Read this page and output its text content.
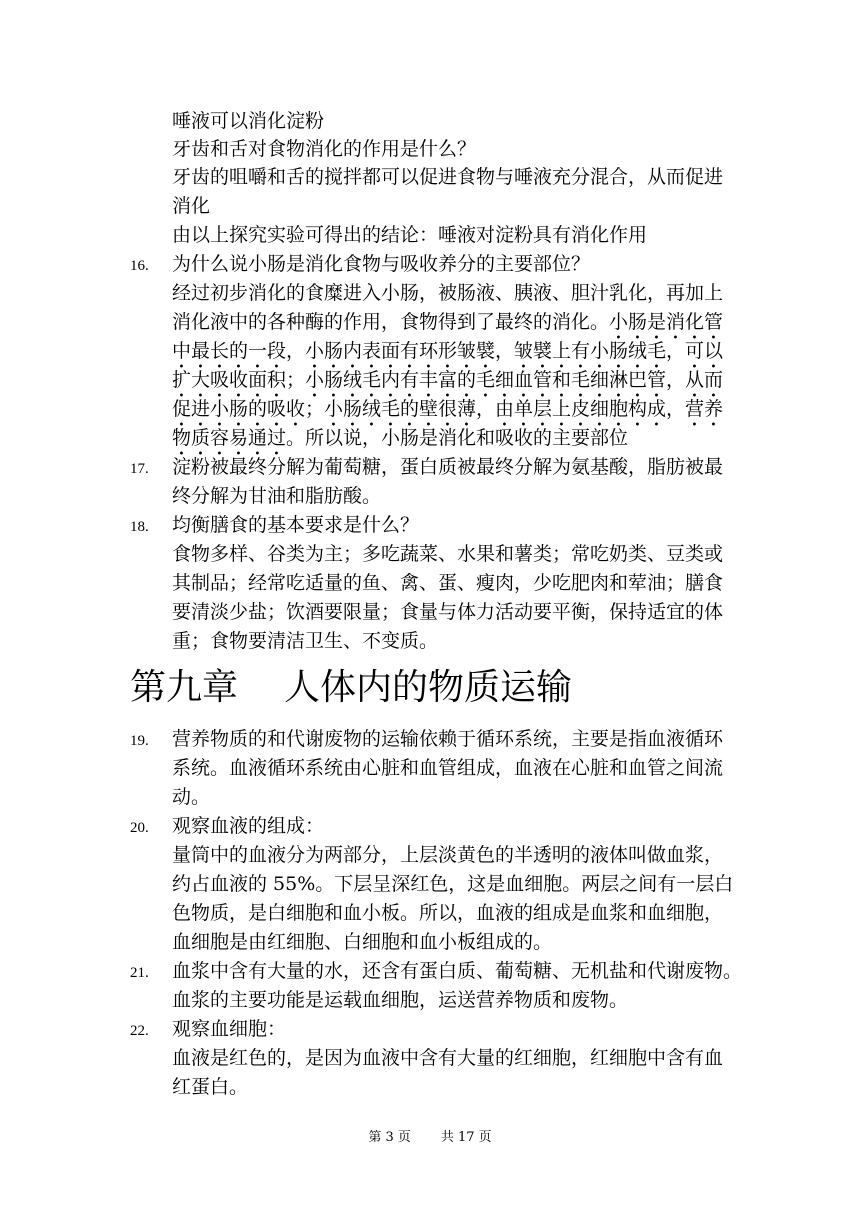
唾液可以消化淀粉
牙齿和舌对食物消化的作用是什么？
牙齿的咀嚼和舌的搅拌都可以促进食物与唾液充分混合，从而促进
消化
由以上探究实验可得出的结论：唾液对淀粉具有消化作用
16. 为什么说小肠是消化食物与吸收养分的主要部位？
经过初步消化的食糜进入小肠，被肠液、胰液、胆汁乳化，再加上
消化液中的各种酶的作用，食物得到了最终的消化。小肠是消化管
中最长的一段，小肠内表面有环形皱襞，皱襞上有小肠绒毛，可以
扩大吸收面积；小肠绒毛内有丰富的毛细血管和毛细淋巴管，从而
促进小肠的吸收；小肠绒毛的壁很薄，由单层上皮细胞构成，营养
物质容易通过。所以说，小肠是消化和吸收的主要部位
17. 淀粉被最终分解为葡萄糖，蛋白质被最终分解为氨基酸，脂肪被最
终分解为甘油和脂肪酸。
18. 均衡膳食的基本要求是什么？
食物多样、谷类为主；多吃蔬菜、水果和薯类；常吃奶类、豆类或
其制品；经常吃适量的鱼、禽、蛋、瘦肉，少吃肥肉和荤油；膳食
要清淡少盐；饮酒要限量；食量与体力活动要平衡，保持适宜的体
重；食物要清洁卫生、不变质。
第九章 人体内的物质运输
19. 营养物质的和代谢废物的运输依赖于循环系统，主要是指血液循环
系统。血液循环系统由心脏和血管组成，血液在心脏和血管之间流
动。
20. 观察血液的组成：
量筒中的血液分为两部分，上层淡黄色的半透明的液体叫做血浆，
约占血液的 55%。下层呈深红色，这是血细胞。两层之间有一层白
色物质，是白细胞和血小板。所以，血液的组成是血浆和血细胞，
血细胞是由红细胞、白细胞和血小板组成的。
21. 血浆中含有大量的水，还含有蛋白质、葡萄糖、无机盐和代谢废物。
血浆的主要功能是运载血细胞，运送营养物质和废物。
22. 观察血细胞：
血液是红色的，是因为血液中含有大量的红细胞，红细胞中含有血
红蛋白。
第 3 页 共 17 页
